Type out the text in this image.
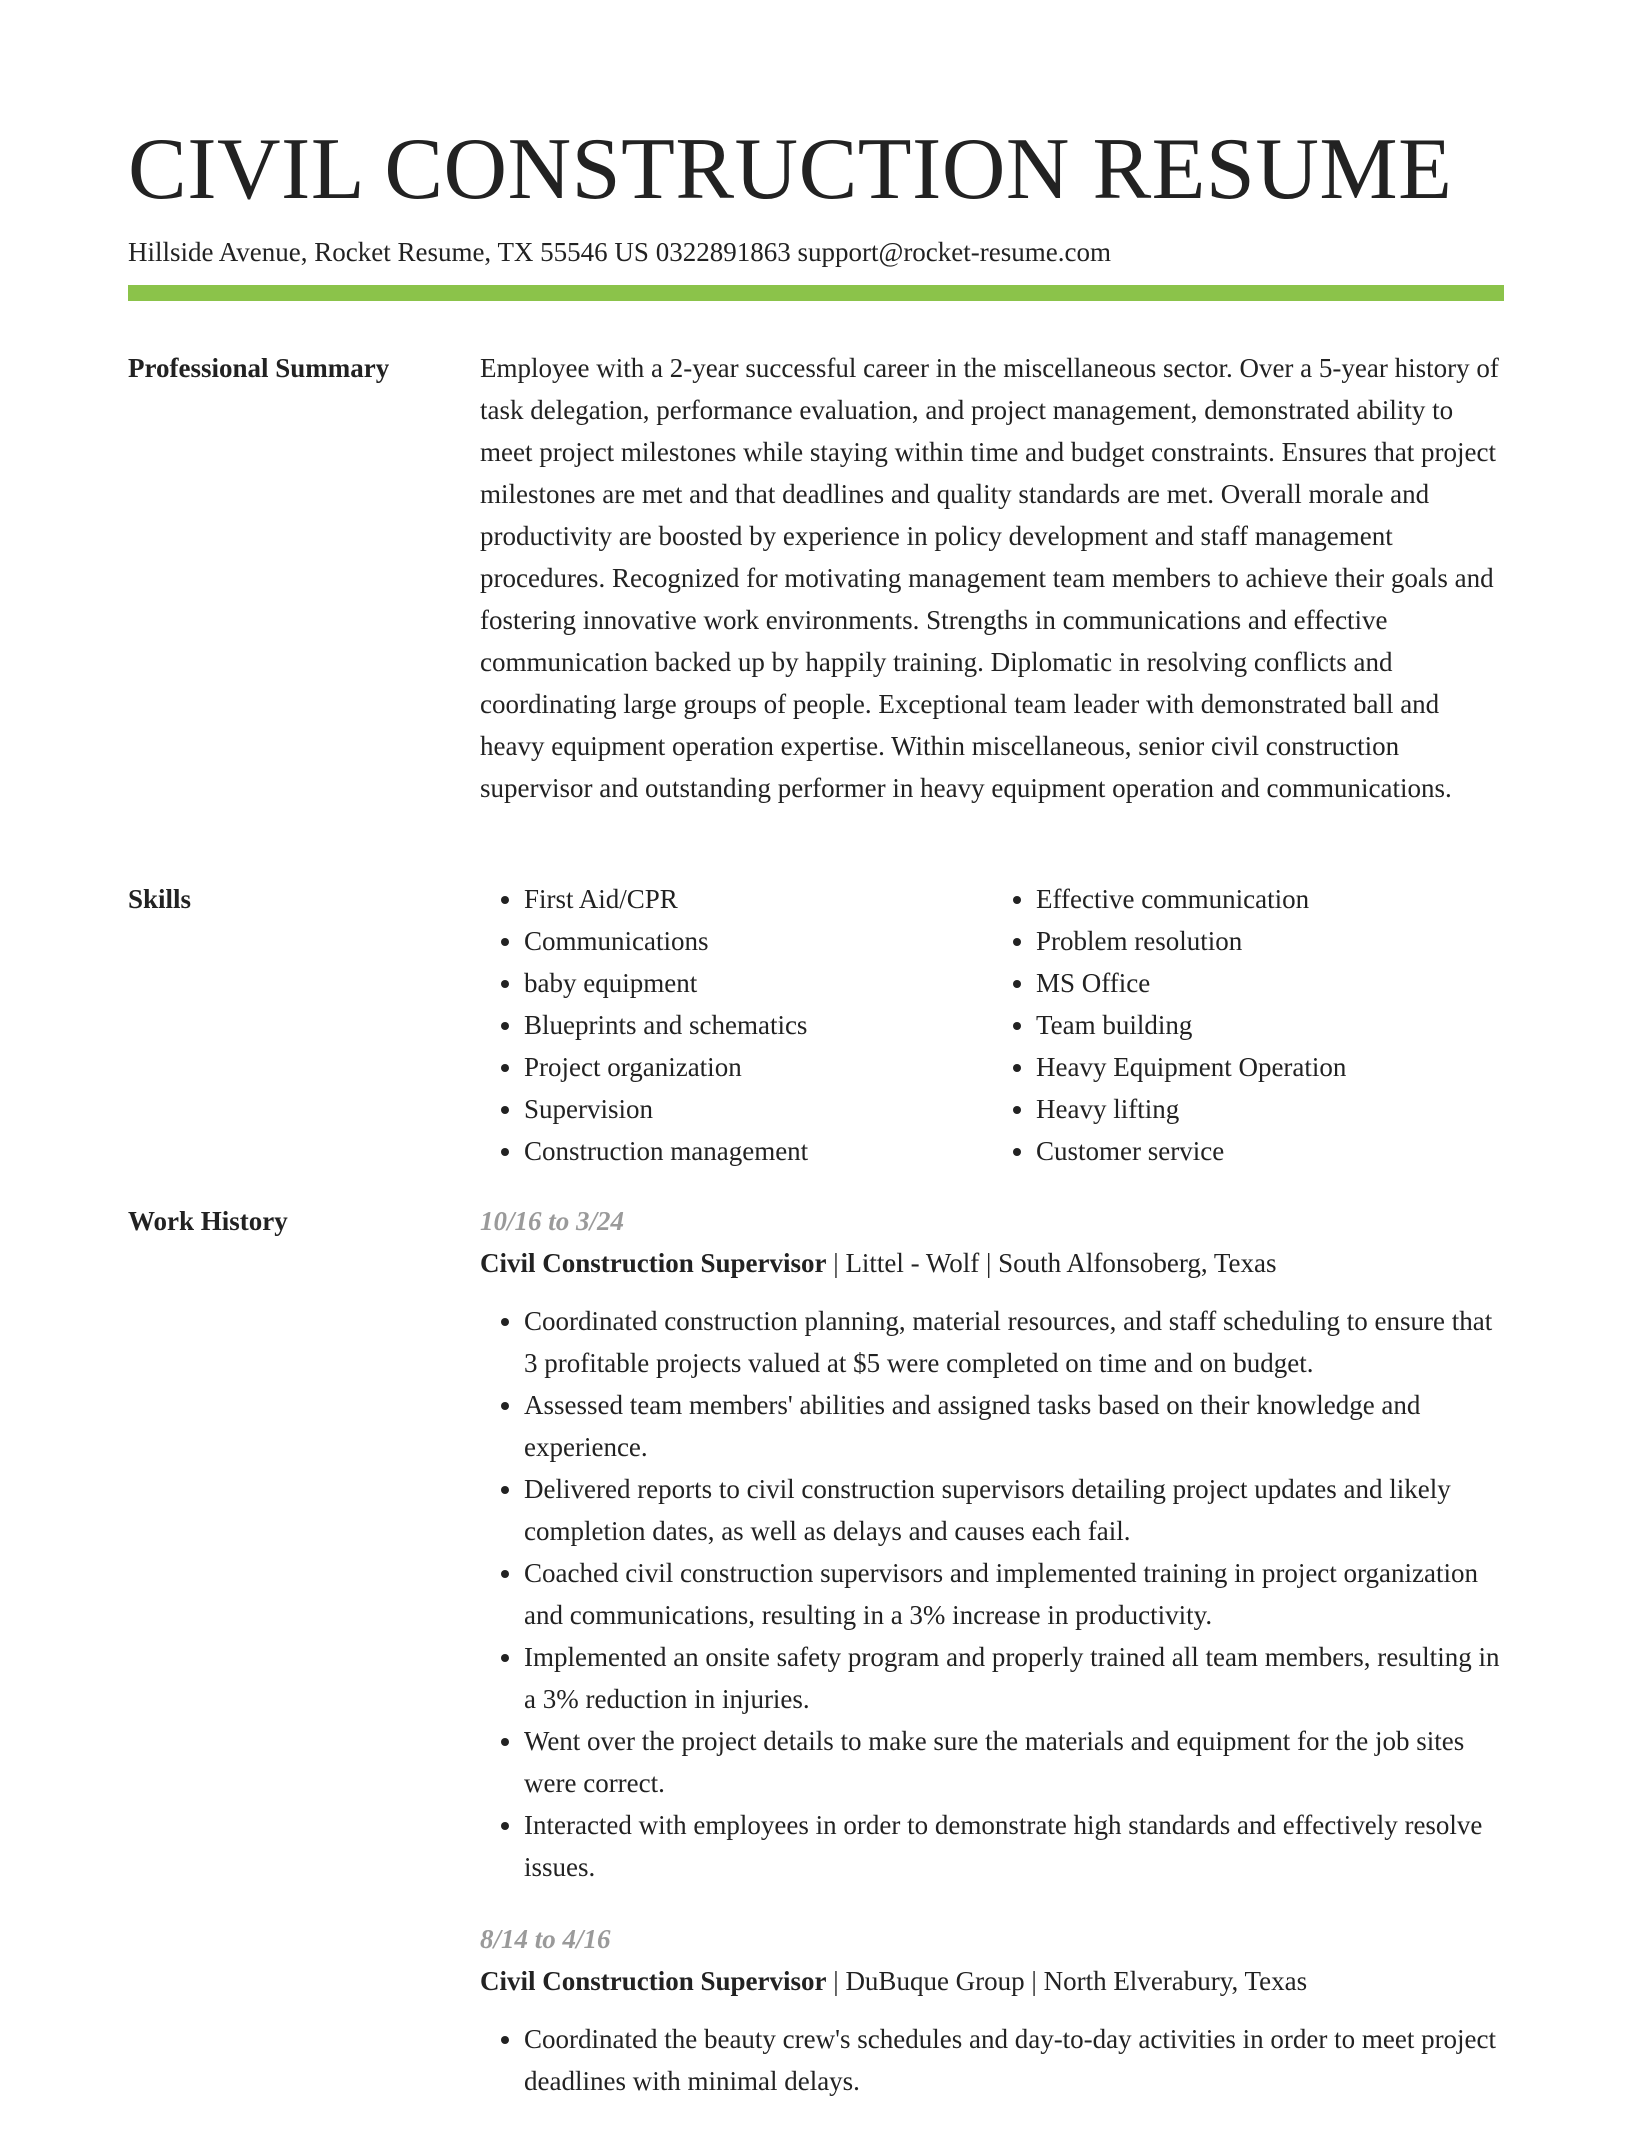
CIVIL CONSTRUCTION RESUME
Hillside Avenue, Rocket Resume, TX 55546 US 0322891863 support@rocket-resume.com
Professional Summary	Employee with a 2-year successful career in the miscellaneous sector. Over a 5-year history of task delegation, performance evaluation, and project management, demonstrated ability to meet project milestones while staying within time and budget constraints. Ensures that project milestones are met and that deadlines and quality standards are met. Overall morale and productivity are boosted by experience in policy development and staff management procedures. Recognized for motivating management team members to achieve their goals and fostering innovative work environments. Strengths in communications and effective communication backed up by happily training. Diplomatic in resolving conflicts and coordinating large groups of people. Exceptional team leader with demonstrated ball and heavy equipment operation expertise. Within miscellaneous, senior civil construction supervisor and outstanding performer in heavy equipment operation and communications.

Skills
•	First Aid/CPR
• Communications
• baby equipment
• Blueprints and schematics
• Project organization
• Supervision
• Construction management
• Effective communication
• Problem resolution
• MS Office
• Team building
• Heavy Equipment Operation
• Heavy lifting
• Customer service
Work History	10/16 to 3/24
Civil Construction Supervisor | Littel - Wolf | South Alfonsoberg, Texas
• Coordinated construction planning, material resources, and staff scheduling to ensure that 3 profitable projects valued at $5 were completed on time and on budget.
• Assessed team members' abilities and assigned tasks based on their knowledge and experience.
• Delivered reports to civil construction supervisors detailing project updates and likely completion dates, as well as delays and causes each fail.
• Coached civil construction supervisors and implemented training in project organization and communications, resulting in a 3% increase in productivity.
• Implemented an onsite safety program and properly trained all team members, resulting in a 3% reduction in injuries.
• Went over the project details to make sure the materials and equipment for the job sites were correct.
• Interacted with employees in order to demonstrate high standards and effectively resolve issues.
8/14 to 4/16
Civil Construction Supervisor | DuBuque Group | North Elverabury, Texas
• Coordinated the beauty crew's schedules and day-to-day activities in order to meet project deadlines with minimal delays.
